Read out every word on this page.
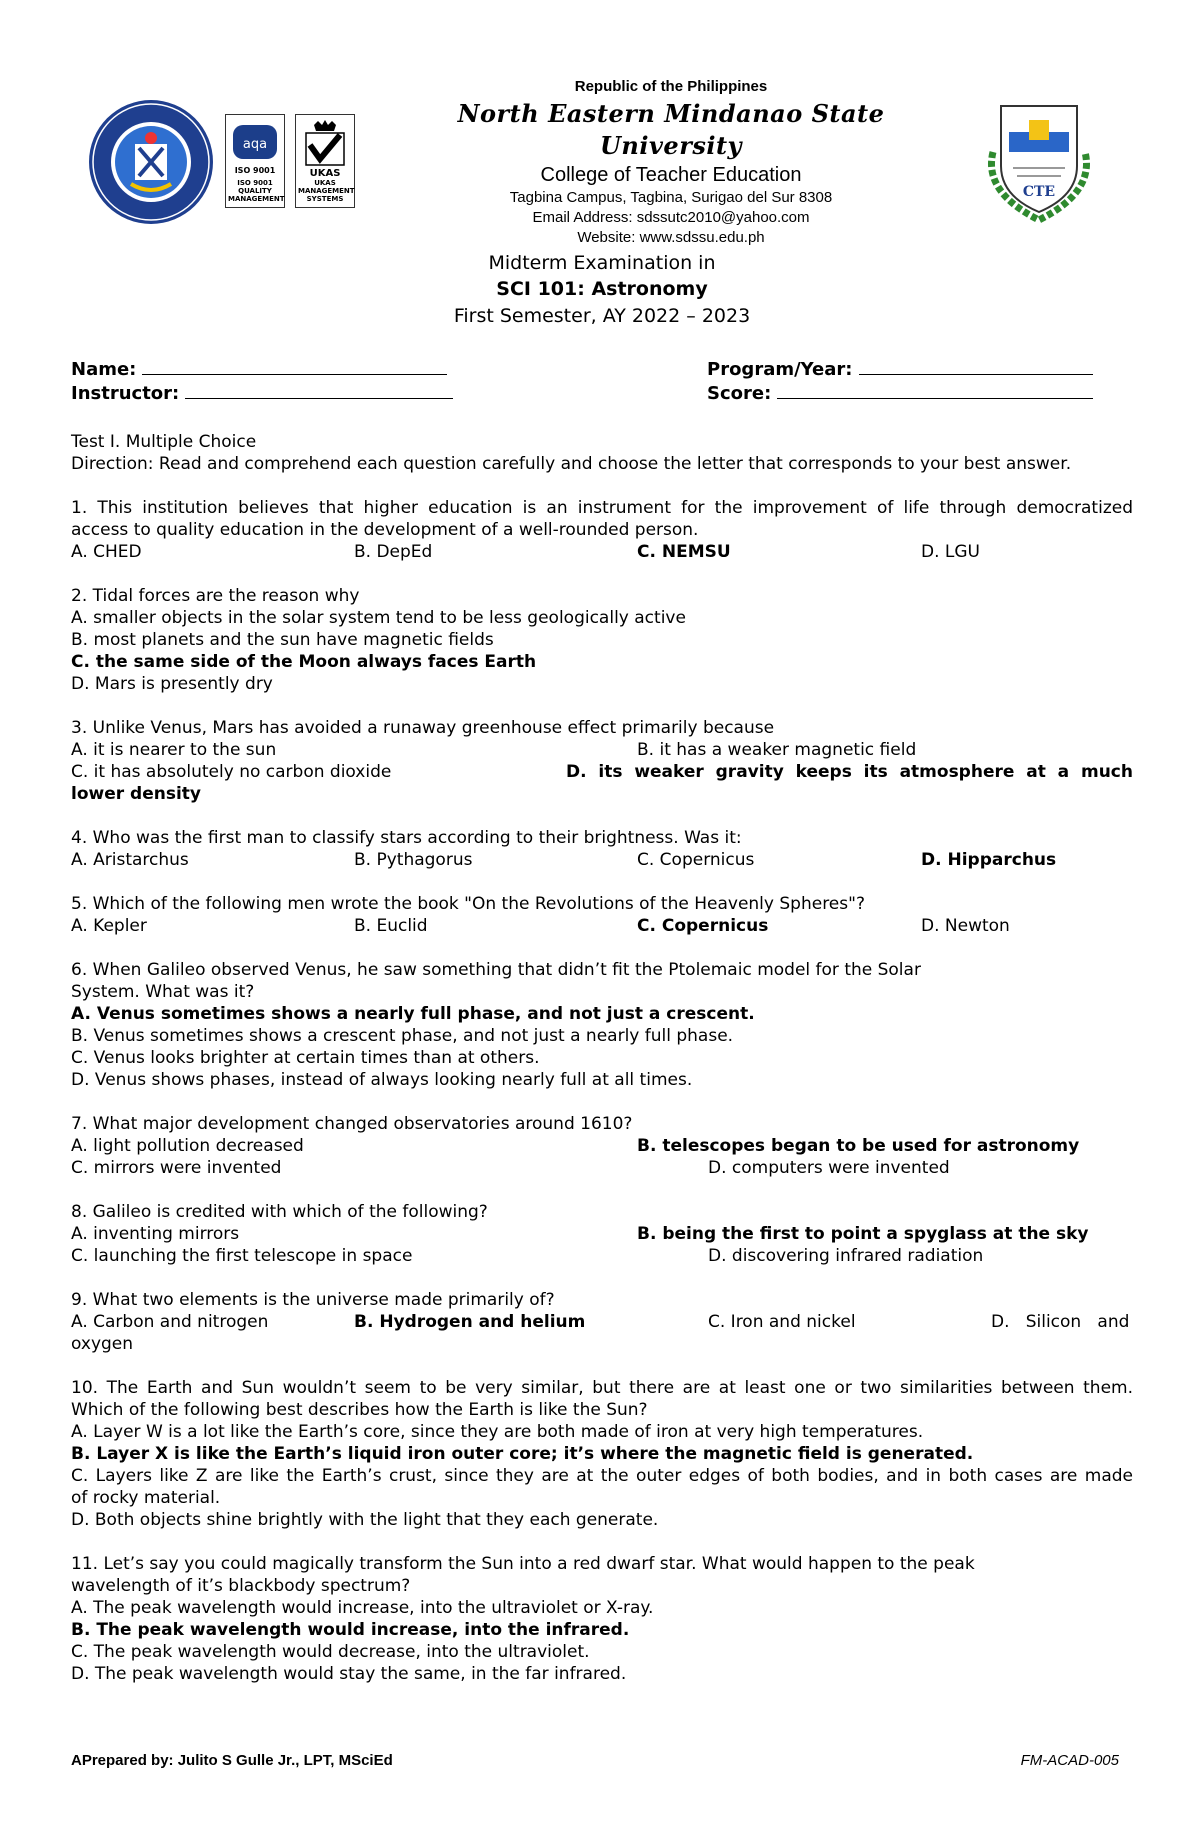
aqa
ISO 9001
ISO 9001 QUALITY MANAGEMENT
UKAS
UKAS MANAGEMENT SYSTEMS
Republic of the Philippines
North Eastern Mindanao State University
College of Teacher Education
Tagbina Campus, Tagbina, Surigao del Sur 8308
Email Address: sdssutc2010@yahoo.com
Website: www.sdssu.edu.ph
CTE
Midterm Examination in
SCI 101: Astronomy
First Semester, AY 2022 – 2023
Name:	Program/Year:
Instructor:	Score:
Test I. Multiple Choice
Direction: Read and comprehend each question carefully and choose the letter that corresponds to your best answer.
1. This institution believes that higher education is an instrument for the improvement of life through democratized
access to quality education in the development of a well-rounded person.
A. CHED	B. DepEd	C. NEMSU	D. LGU
2. Tidal forces are the reason why
A. smaller objects in the solar system tend to be less geologically active
B. most planets and the sun have magnetic fields
C. the same side of the Moon always faces Earth
D. Mars is presently dry
3. Unlike Venus, Mars has avoided a runaway greenhouse effect primarily because
A. it is nearer to the sun	B. it has a weaker magnetic field
C. it has absolutely no carbon dioxide	D. its weaker gravity keeps its atmosphere at a much
lower density
4. Who was the first man to classify stars according to their brightness. Was it:
A. Aristarchus	B. Pythagorus	C. Copernicus	D. Hipparchus
5. Which of the following men wrote the book "On the Revolutions of the Heavenly Spheres"?
A. Kepler	B. Euclid	C. Copernicus	D. Newton
6. When Galileo observed Venus, he saw something that didn’t fit the Ptolemaic model for the Solar
System. What was it?
A. Venus sometimes shows a nearly full phase, and not just a crescent.
B. Venus sometimes shows a crescent phase, and not just a nearly full phase.
C. Venus looks brighter at certain times than at others.
D. Venus shows phases, instead of always looking nearly full at all times.
7. What major development changed observatories around 1610?
A. light pollution decreased	B. telescopes began to be used for astronomy
C. mirrors were invented	D. computers were invented
8. Galileo is credited with which of the following?
A. inventing mirrors	B. being the first to point a spyglass at the sky
C. launching the first telescope in space	D. discovering infrared radiation
9. What two elements is the universe made primarily of?
A. Carbon and nitrogen	B. Hydrogen and helium	C. Iron and nickel	D.   Silicon   and
oxygen
10. The Earth and Sun wouldn’t seem to be very similar, but there are at least one or two similarities between them.
Which of the following best describes how the Earth is like the Sun?
A. Layer W is a lot like the Earth’s core, since they are both made of iron at very high temperatures.
B. Layer X is like the Earth’s liquid iron outer core; it’s where the magnetic field is generated.
C. Layers like Z are like the Earth’s crust, since they are at the outer edges of both bodies, and in both cases are made
of rocky material.
D. Both objects shine brightly with the light that they each generate.
11. Let’s say you could magically transform the Sun into a red dwarf star. What would happen to the peak
wavelength of it’s blackbody spectrum?
A. The peak wavelength would increase, into the ultraviolet or X-ray.
B. The peak wavelength would increase, into the infrared.
C. The peak wavelength would decrease, into the ultraviolet.
D. The peak wavelength would stay the same, in the far infrared.
APrepared by: Julito S Gulle Jr., LPT, MSciEd	FM-ACAD-005
